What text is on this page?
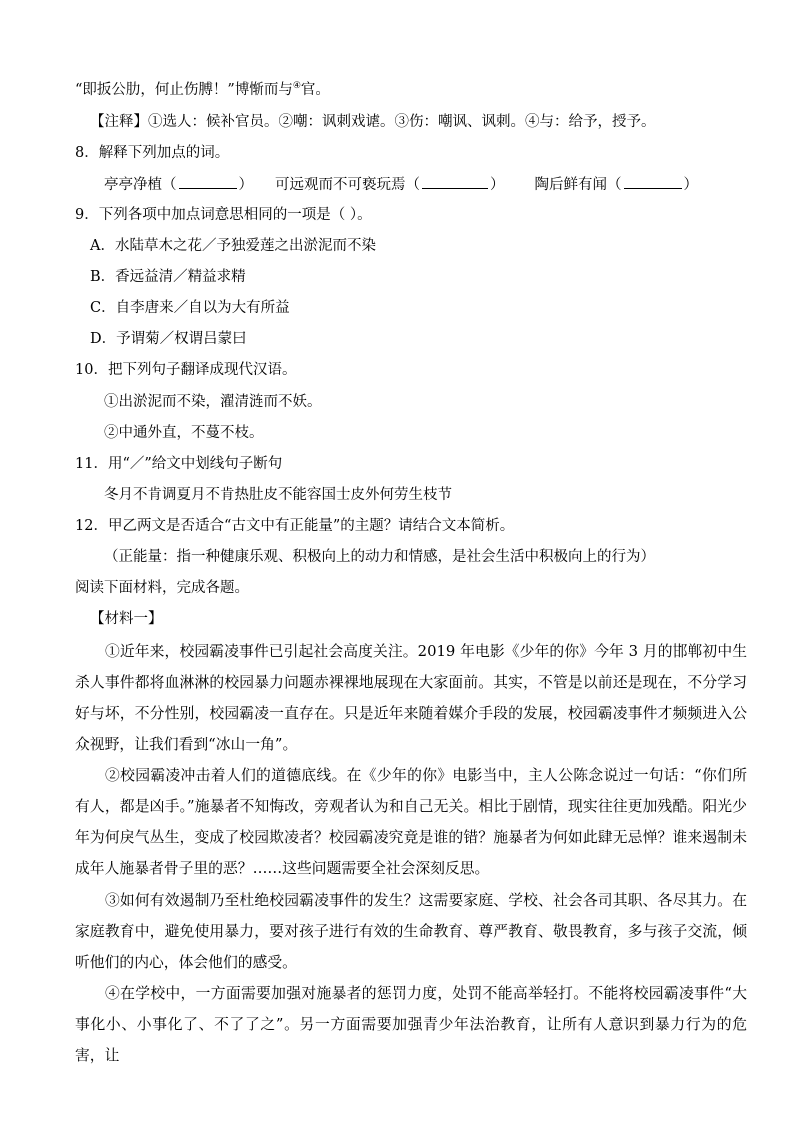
“即扳公肋，何止伤膊！”博惭而与④官。
【注释】①选人：候补官员。②嘲：讽刺戏谑。③伤：嘲讽、讽刺。④与：给予，授予。
8．解释下列加点的词。
亭亭净植（	） 可远观而不可亵玩焉（	） 陶后鲜有闻（	）
9．下列各项中加点词意思相同的一项是（ ）。
A．水陆草木之花／予独爱莲之出淤泥而不染
B．香远益清／精益求精
C．自李唐来／自以为大有所益
D．予谓菊／权谓吕蒙曰
10．把下列句子翻译成现代汉语。
①出淤泥而不染，濯清涟而不妖。
②中通外直，不蔓不枝。
11．用“／”给文中划线句子断句
冬月不肯调夏月不肯热肚皮不能容国士皮外何劳生枝节
12．甲乙两文是否适合“古文中有正能量”的主题？请结合文本简析。
（正能量：指一种健康乐观、积极向上的动力和情感，是社会生活中积极向上的行为）
阅读下面材料，完成各题。
【材料一】
①近年来，校园霸凌事件已引起社会高度关注。2019 年电影《少年的你》今年 3 月的邯郸初中生杀人事件都将血淋淋的校园暴力问题赤裸裸地展现在大家面前。其实，不管是以前还是现在，不分学习好与坏，不分性别，校园霸凌一直存在。只是近年来随着媒介手段的发展，校园霸凌事件才频频进入公众视野，让我们看到“冰山一角”。
②校园霸凌冲击着人们的道德底线。在《少年的你》电影当中，主人公陈念说过一句话：“你们所有人，都是凶手。”施暴者不知悔改，旁观者认为和自己无关。相比于剧情，现实往往更加残酷。阳光少年为何戾气丛生，变成了校园欺凌者？校园霸凌究竟是谁的错？施暴者为何如此肆无忌惮？谁来遏制未成年人施暴者骨子里的恶？……这些问题需要全社会深刻反思。
③如何有效遏制乃至杜绝校园霸凌事件的发生？这需要家庭、学校、社会各司其职、各尽其力。在家庭教育中，避免使用暴力，要对孩子进行有效的生命教育、尊严教育、敬畏教育，多与孩子交流，倾听他们的内心，体会他们的感受。
④在学校中，一方面需要加强对施暴者的惩罚力度，处罚不能高举轻打。不能将校园霸凌事件“大事化小、小事化了、不了了之”。另一方面需要加强青少年法治教育，让所有人意识到暴力行为的危害，让
